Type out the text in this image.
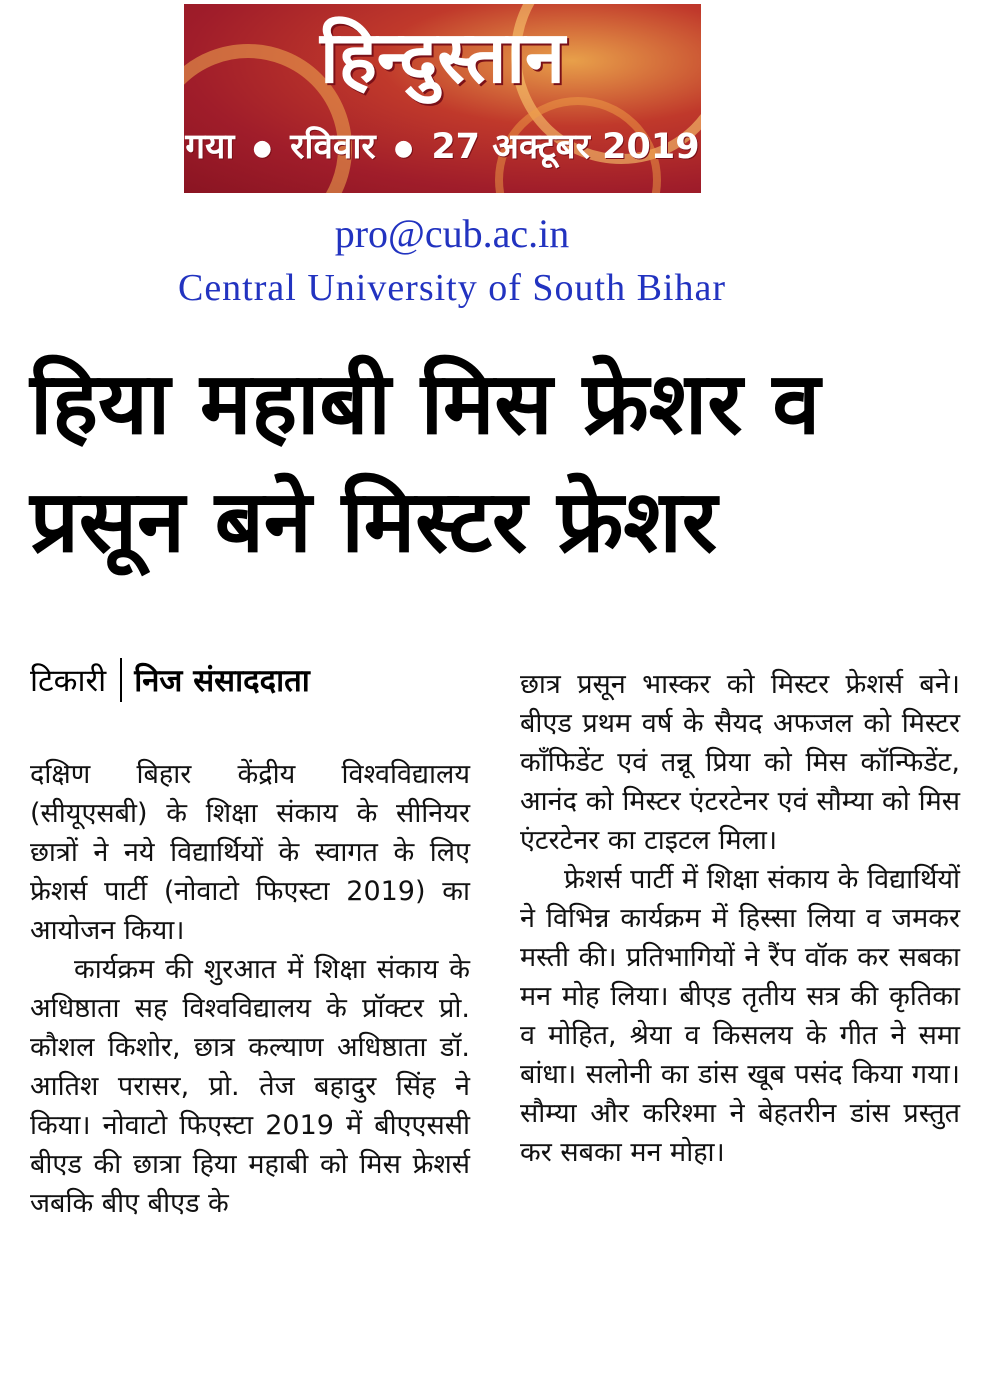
हिन्दुस्तान
गया ● रविवार ● 27 अक्टूबर 2019
pro@cub.ac.in
Central University of South Bihar
हिया महाबी मिस फ्रेशर व
प्रसून बने मिस्टर फ्रेशर
टिकारी निज संसाददाता

दक्षिण बिहार केंद्रीय विश्वविद्यालय (सीयूएसबी) के शिक्षा संकाय के सीनियर छात्रों ने नये विद्यार्थियों के स्वागत के लिए फ्रेशर्स पार्टी (नोवाटो फिएस्टा 2019) का आयोजन किया।

कार्यक्रम की शुरआत में शिक्षा संकाय के अधिष्ठाता सह विश्वविद्यालय के प्रॉक्टर प्रो. कौशल किशोर, छात्र कल्याण अधिष्ठाता डॉ. आतिश परासर, प्रो. तेज बहादुर सिंह ने किया। नोवाटो फिएस्टा 2019 में बीएएससी बीएड की छात्रा हिया महाबी को मिस फ्रेशर्स जबकि बीए बीएड के

छात्र प्रसून भास्कर को मिस्टर फ्रेशर्स बने। बीएड प्रथम वर्ष के सैयद अफजल को मिस्टर कॉंफिडेंट एवं तन्नू प्रिया को मिस कॉन्फिडेंट, आनंद को मिस्टर एंटरटेनर एवं सौम्या को मिस एंटरटेनर का टाइटल मिला।

फ्रेशर्स पार्टी में शिक्षा संकाय के विद्यार्थियों ने विभिन्न कार्यक्रम में हिस्सा लिया व जमकर मस्ती की। प्रतिभागियों ने रैंप वॉक कर सबका मन मोह लिया। बीएड तृतीय सत्र की कृतिका व मोहित, श्रेया व किसलय के गीत ने समा बांधा। सलोनी का डांस खूब पसंद किया गया। सौम्या और करिश्मा ने बेहतरीन डांस प्रस्तुत कर सबका मन मोहा।
